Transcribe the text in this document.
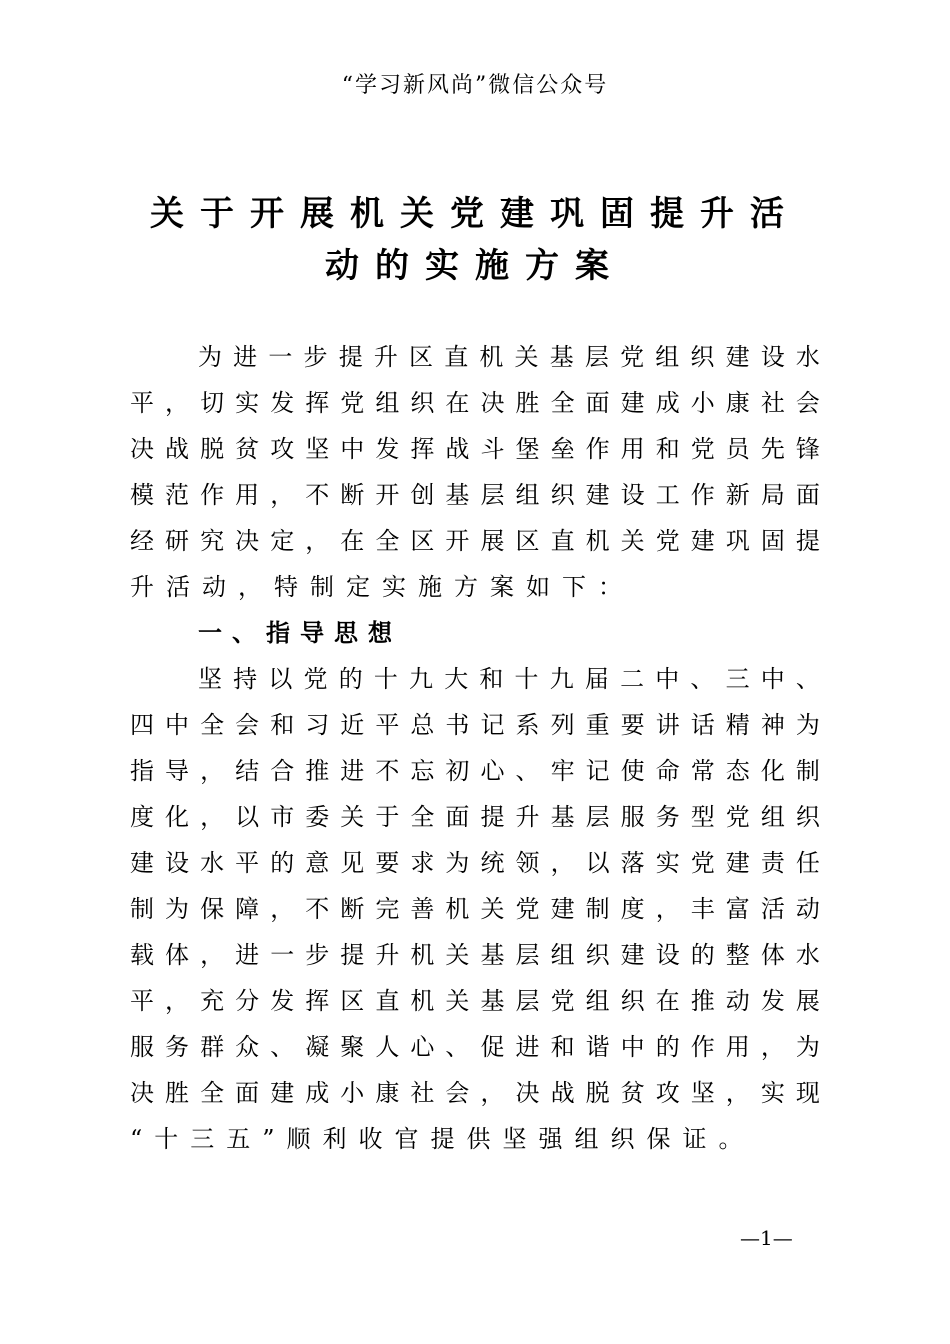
“学习新风尚”微信公众号
关于开展机关党建巩固提升活
动的实施方案
为 进 一 步 提 升 区 直 机 关 基 层 党 组 织 建 设 水
平 ， 切 实 发 挥 党 组 织 在 决 胜 全 面 建 成 小 康 社 会
决 战 脱 贫 攻 坚 中 发 挥 战 斗 堡 垒 作 用 和 党 员 先 锋
模 范 作 用 ， 不 断 开 创 基 层 组 织 建 设 工 作 新 局 面
经 研 究 决 定 ， 在 全 区 开 展 区 直 机 关 党 建 巩 固 提
升活动，特制定实施方案如下：
一、指导思想
坚 持 以 党 的 十 九 大 和 十 九 届 二 中 、 三 中 、
四 中 全 会 和 习 近 平 总 书 记 系 列 重 要 讲 话 精 神 为
指 导 ， 结 合 推 进 不 忘 初 心 、 牢 记 使 命 常 态 化 制
度 化 ， 以 市 委 关 于 全 面 提 升 基 层 服 务 型 党 组 织
建 设 水 平 的 意 见 要 求 为 统 领 ， 以 落 实 党 建 责 任
制 为 保 障 ， 不 断 完 善 机 关 党 建 制 度 ， 丰 富 活 动
载 体 ， 进 一 步 提 升 机 关 基 层 组 织 建 设 的 整 体 水
平 ， 充 分 发 挥 区 直 机 关 基 层 党 组 织 在 推 动 发 展
服 务 群 众 、 凝 聚 人 心 、 促 进 和 谐 中 的 作 用 ， 为
决 胜 全 面 建 成 小 康 社 会 ， 决 战 脱 贫 攻 坚 ， 实 现
“十三五”顺利收官提供坚强组织保证。
—1—
